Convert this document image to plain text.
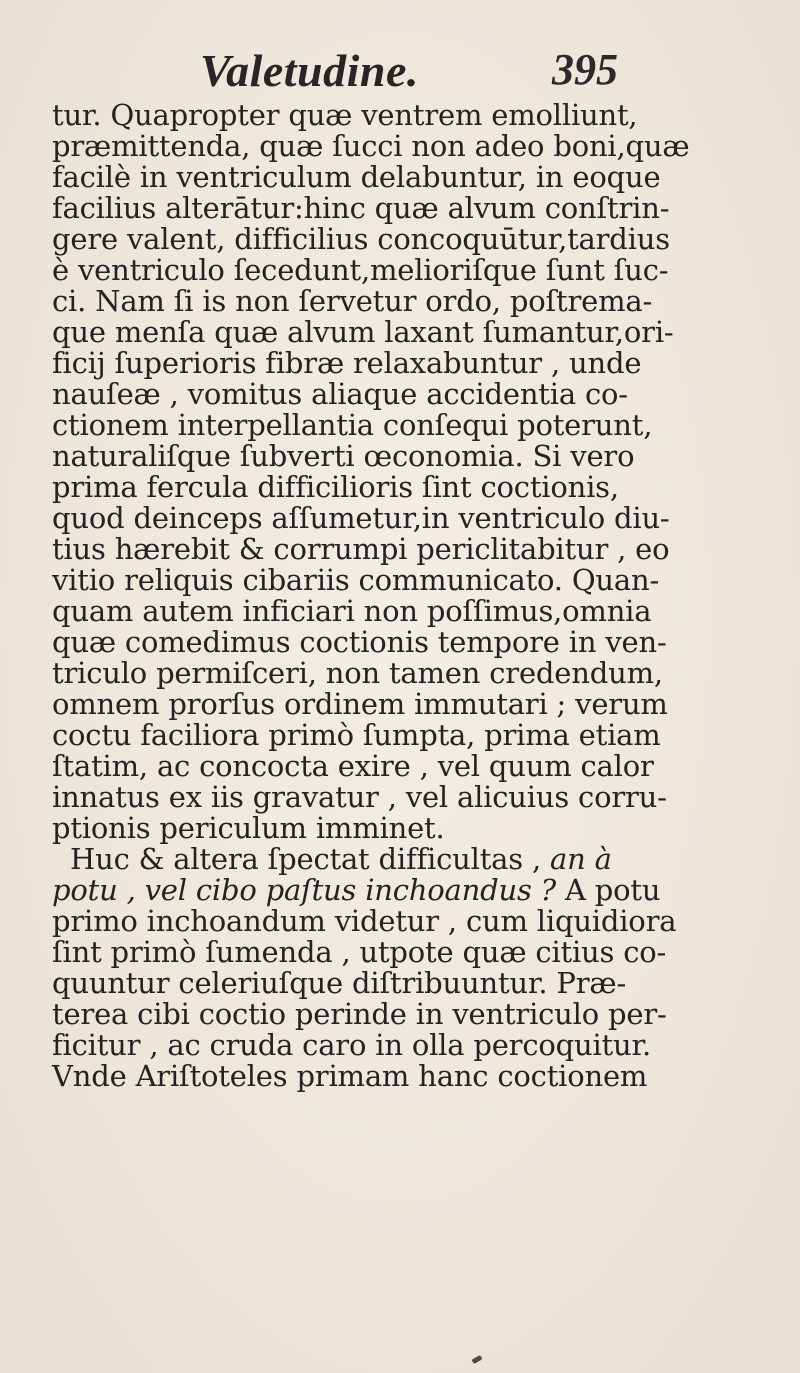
Valetudine.	395
tur. Quapropter quæ ventrem emolliunt,
præmittenda, quæ ſucci non adeo boni,quæ
facilè in ventriculum delabuntur, in eoque
facilius alterātur:hinc quæ alvum conſtrin-
gere valent, difficilius concoquūtur,tardius
è ventriculo ſecedunt,melioriſque ſunt ſuc-
ci. Nam ſi is non ſervetur ordo, poſtrema-
que menſa quæ alvum laxant ſumantur,ori-
ficij ſuperioris fibræ relaxabuntur , unde
nauſeæ , vomitus aliaque accidentia co-
ctionem interpellantia conſequi poterunt,
naturaliſque ſubverti œconomia. Si vero
prima fercula difficilioris ſint coctionis,
quod deinceps aſſumetur,in ventriculo diu-
tius hærebit & corrumpi periclitabitur , eo
vitio reliquis cibariis communicato. Quan-
quam autem inficiari non poſſimus,omnia
quæ comedimus coctionis tempore in ven-
triculo permiſceri, non tamen credendum,
omnem prorſus ordinem immutari ; verum
coctu faciliora primò ſumpta, prima etiam
ſtatim, ac concocta exire , vel quum calor
innatus ex iis gravatur , vel alicuius corru-
ptionis periculum imminet.
Huc & altera ſpectat difficultas , an à
potu , vel cibo paſtus inchoandus ? A potu
primo inchoandum videtur , cum liquidiora
ſint primò ſumenda , utpote quæ citius co-
quuntur celeriuſque diſtribuuntur. Præ-
terea cibi coctio perinde in ventriculo per-
ficitur , ac cruda caro in olla percoquitur.
Vnde Ariſtoteles primam hanc coctionem
